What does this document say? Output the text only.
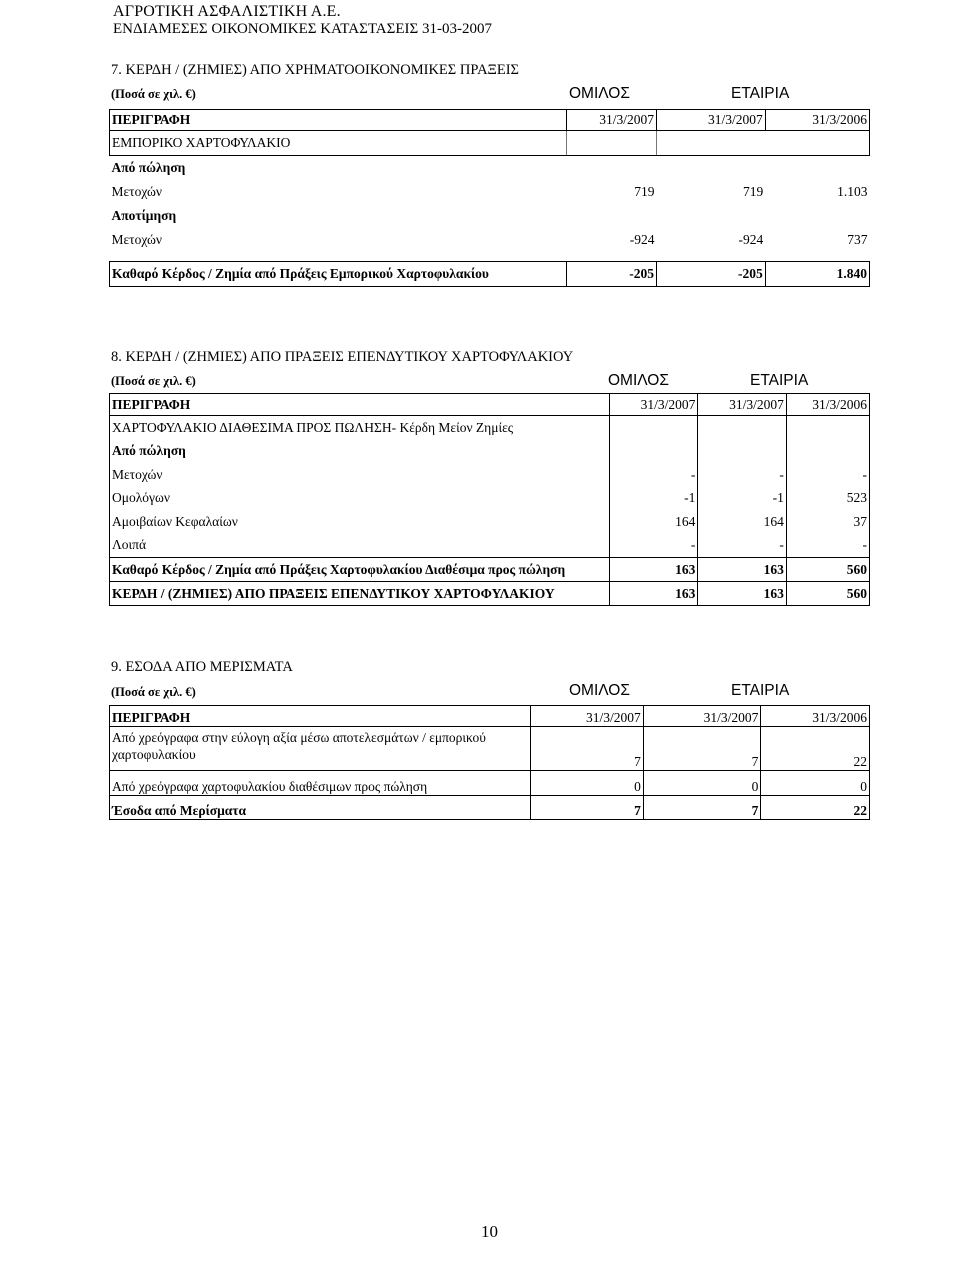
ΑΓΡΟΤΙΚΗ ΑΣΦΑΛΙΣΤΙΚΗ Α.Ε.
ΕΝΔΙΑΜΕΣΕΣ ΟΙΚΟΝΟΜΙΚΕΣ ΚΑΤΑΣΤΑΣΕΙΣ 31-03-2007
7. ΚΕΡΔΗ / (ΖΗΜΙΕΣ) ΑΠΟ ΧΡΗΜΑΤΟΟΙΚΟΝΟΜΙΚΕΣ ΠΡΑΞΕΙΣ
(Ποσά σε χιλ. €)	ΟΜΙΛΟΣ	ΕΤΑΙΡΙΑ
ΠΕΡΙΓΡΑΦΗ	31/3/2007	31/3/2007	31/3/2006
ΕΜΠΟΡΙΚΟ ΧΑΡΤΟΦΥΛΑΚΙΟ			
Από πώληση			
Μετοχών	719	719	1.103
Αποτίμηση			
Μετοχών	-924	-924	737

Καθαρό Κέρδος / Ζημία από Πράξεις Εμπορικού Χαρτοφυλακίου	-205	-205	1.840
8. ΚΕΡΔΗ / (ΖΗΜΙΕΣ) ΑΠΟ ΠΡΑΞΕΙΣ ΕΠΕΝΔΥΤΙΚΟΥ ΧΑΡΤΟΦΥΛΑΚΙΟΥ
(Ποσά σε χιλ. €)	ΟΜΙΛΟΣ	ΕΤΑΙΡΙΑ
ΠΕΡΙΓΡΑΦΗ	31/3/2007	31/3/2007	31/3/2006
ΧΑΡΤΟΦΥΛΑΚΙΟ ΔΙΑΘΕΣΙΜΑ ΠΡΟΣ ΠΩΛΗΣΗ- Κέρδη Μείον Ζημίες			
Από πώληση			
Μετοχών	-	-	-
Ομολόγων	-1	-1	523
Αμοιβαίων Κεφαλαίων	164	164	37
Λοιπά	-	-	-
Καθαρό Κέρδος / Ζημία από Πράξεις Χαρτοφυλακίου Διαθέσιμα προς πώληση	163	163	560
ΚΕΡΔΗ / (ΖΗΜΙΕΣ) ΑΠΟ ΠΡΑΞΕΙΣ ΕΠΕΝΔΥΤΙΚΟΥ ΧΑΡΤΟΦΥΛΑΚΙΟΥ	163	163	560
9. ΕΣΟΔΑ ΑΠΟ ΜΕΡΙΣΜΑΤΑ
(Ποσά σε χιλ. €)	ΟΜΙΛΟΣ	ΕΤΑΙΡΙΑ
ΠΕΡΙΓΡΑΦΗ	31/3/2007	31/3/2007	31/3/2006
Από χρεόγραφα στην εύλογη αξία μέσω αποτελεσμάτων / εμπορικού χαρτοφυλακίου	7	7	22
Από χρεόγραφα χαρτοφυλακίου διαθέσιμων προς πώληση	0	0	0
Έσοδα από Μερίσματα	7	7	22
10
